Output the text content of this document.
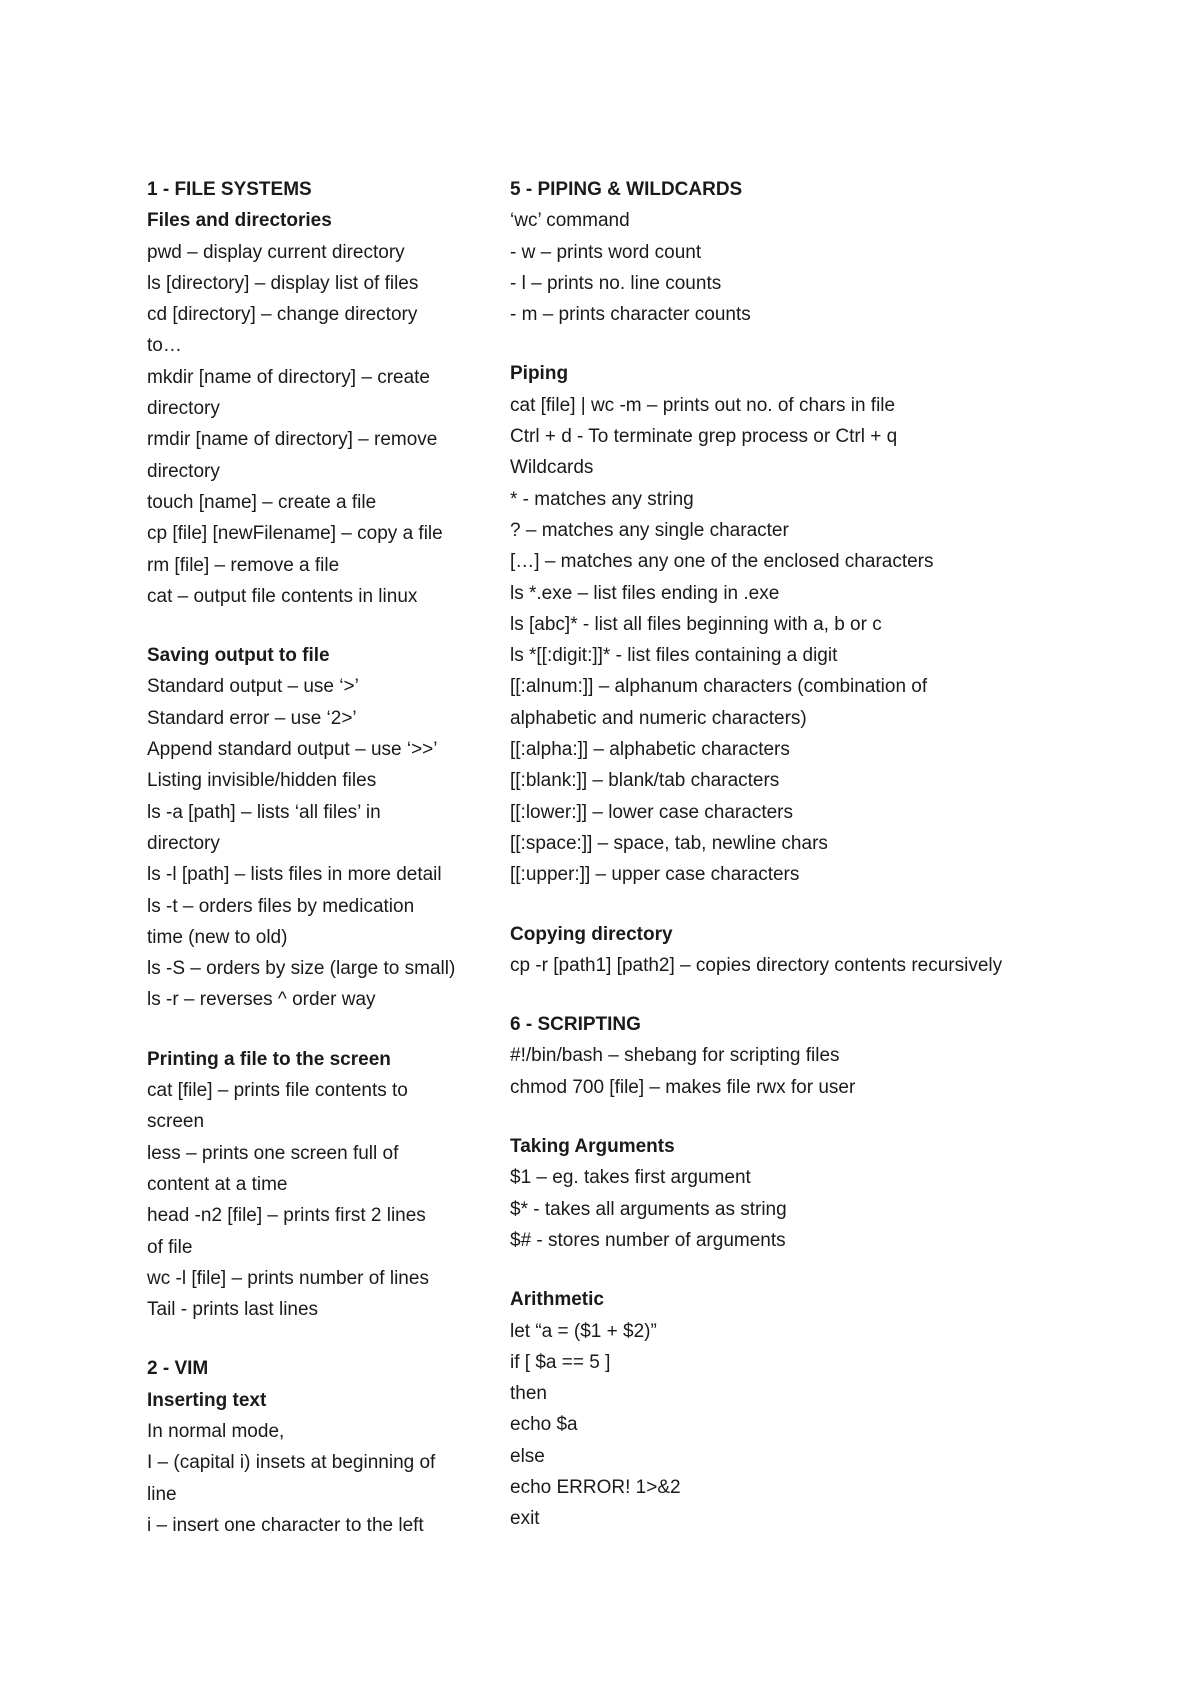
1 - FILE SYSTEMS
Files and directories
pwd – display current directory
ls [directory] – display list of files
cd [directory] – change directory
to…
mkdir [name of directory] – create
directory
rmdir [name of directory] – remove
directory
touch [name] – create a file
cp [file] [newFilename] – copy a file
rm [file] – remove a file
cat – output file contents in linux
Saving output to file
Standard output – use ‘>’
Standard error – use ‘2>’
Append standard output – use ‘>>’
Listing invisible/hidden files
ls -a [path] – lists ‘all files’ in
directory
ls -l [path] – lists files in more detail
ls -t – orders files by medication
time (new to old)
ls -S – orders by size (large to small)
ls -r – reverses ^ order way
Printing a file to the screen
cat [file] – prints file contents to
screen
less – prints one screen full of
content at a time
head -n2 [file] – prints first 2 lines
of file
wc -l [file] – prints number of lines
Tail - prints last lines
2 - VIM
Inserting text
In normal mode,
I – (capital i) insets at beginning of
line
i – insert one character to the left
5 - PIPING & WILDCARDS
‘wc’ command
- w – prints word count
- l – prints no. line counts
- m – prints character counts
Piping
cat [file] | wc -m – prints out no. of chars in file
Ctrl + d - To terminate grep process or Ctrl + q
Wildcards
* - matches any string
? – matches any single character
[…] – matches any one of the enclosed characters
ls *.exe – list files ending in .exe
ls [abc]* - list all files beginning with a, b or c
ls *[[:digit:]]* - list files containing a digit
[[:alnum:]] – alphanum characters (combination of
alphabetic and numeric characters)
[[:alpha:]] – alphabetic characters
[[:blank:]] – blank/tab characters
[[:lower:]] – lower case characters
[[:space:]] – space, tab, newline chars
[[:upper:]] – upper case characters
Copying directory
cp -r [path1] [path2] – copies directory contents recursively
6 - SCRIPTING
#!/bin/bash – shebang for scripting files
chmod 700 [file] – makes file rwx for user
Taking Arguments
$1 – eg. takes first argument
$* - takes all arguments as string
$# - stores number of arguments
Arithmetic
let “a = ($1 + $2)”
if [ $a == 5 ]
then
echo $a
else
echo ERROR! 1>&2
exit
